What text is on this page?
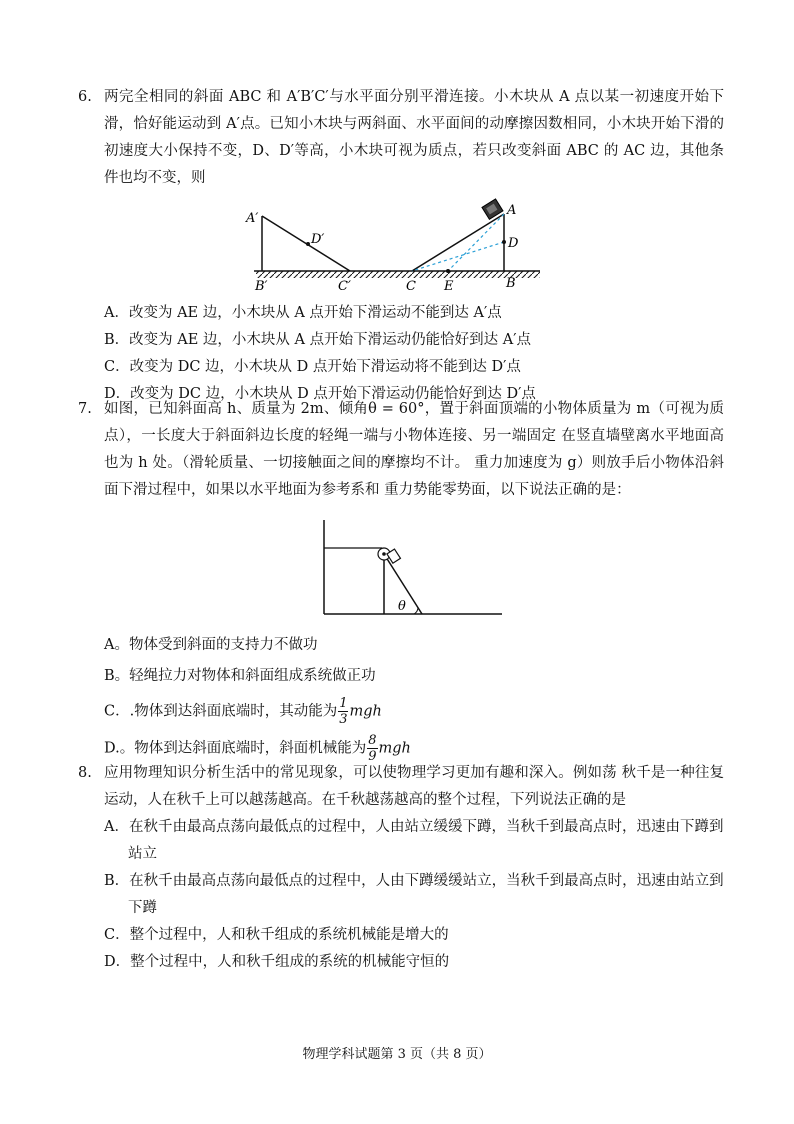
6. 两完全相同的斜面 ABC 和 A′B′C′与水平面分别平滑连接。小木块从 A 点以某一初速度开始下滑，恰好能运动到 A′点。已知小木块与两斜面、水平面间的动摩擦因数相同，小木块开始下滑的初速度大小保持不变，D、D′等高，小木块可视为质点，若只改变斜面 ABC 的 AC 边，其他条件也均不变，则
A′
D′
B′	C′	C E	B
A
D
A．改变为 AE 边，小木块从 A 点开始下滑运动不能到达 A′点
B．改变为 AE 边，小木块从 A 点开始下滑运动仍能恰好到达 A′点
C．改变为 DC 边，小木块从 D 点开始下滑运动将不能到达 D′点
D．改变为 DC 边，小木块从 D 点开始下滑运动仍能恰好到达 D′点
7. 如图，已知斜面高 h、质量为 2m、倾角θ = 60°，置于斜面顶端的小物体质量为 m（可视为质点），一长度大于斜面斜边长度的轻绳一端与小物体连接、另一端固定 在竖直墙壁离水平地面高也为 h 处。（滑轮质量、一切接触面之间的摩擦均不计。 重力加速度为 g）则放手后小物体沿斜面下滑过程中，如果以水平地面为参考系和 重力势能零势面，以下说法正确的是：
θ
A。物体受到斜面的支持力不做功
B。轻绳拉力对物体和斜面组成系统做正功
C．.物体到达斜面底端时，其动能为 $\frac{1}{3}$ mgh
D.。物体到达斜面底端时，斜面机械能为 $\frac{8}{9}$ mgh
8. 应用物理知识分析生活中的常见现象，可以使物理学习更加有趣和深入。例如荡 秋千是一种往复运动，人在秋千上可以越荡越高。在千秋越荡越高的整个过程，下列说法正确的是
A．在秋千由最高点荡向最低点的过程中，人由站立缓缓下蹲，当秋千到最高点时，迅速由下蹲到站立
B．在秋千由最高点荡向最低点的过程中，人由下蹲缓缓站立，当秋千到最高点时，迅速由站立到下蹲
C．整个过程中，人和秋千组成的系统机械能是增大的
D．整个过程中，人和秋千组成的系统的机械能守恒的
物理学科试题第 3 页（共 8 页）
